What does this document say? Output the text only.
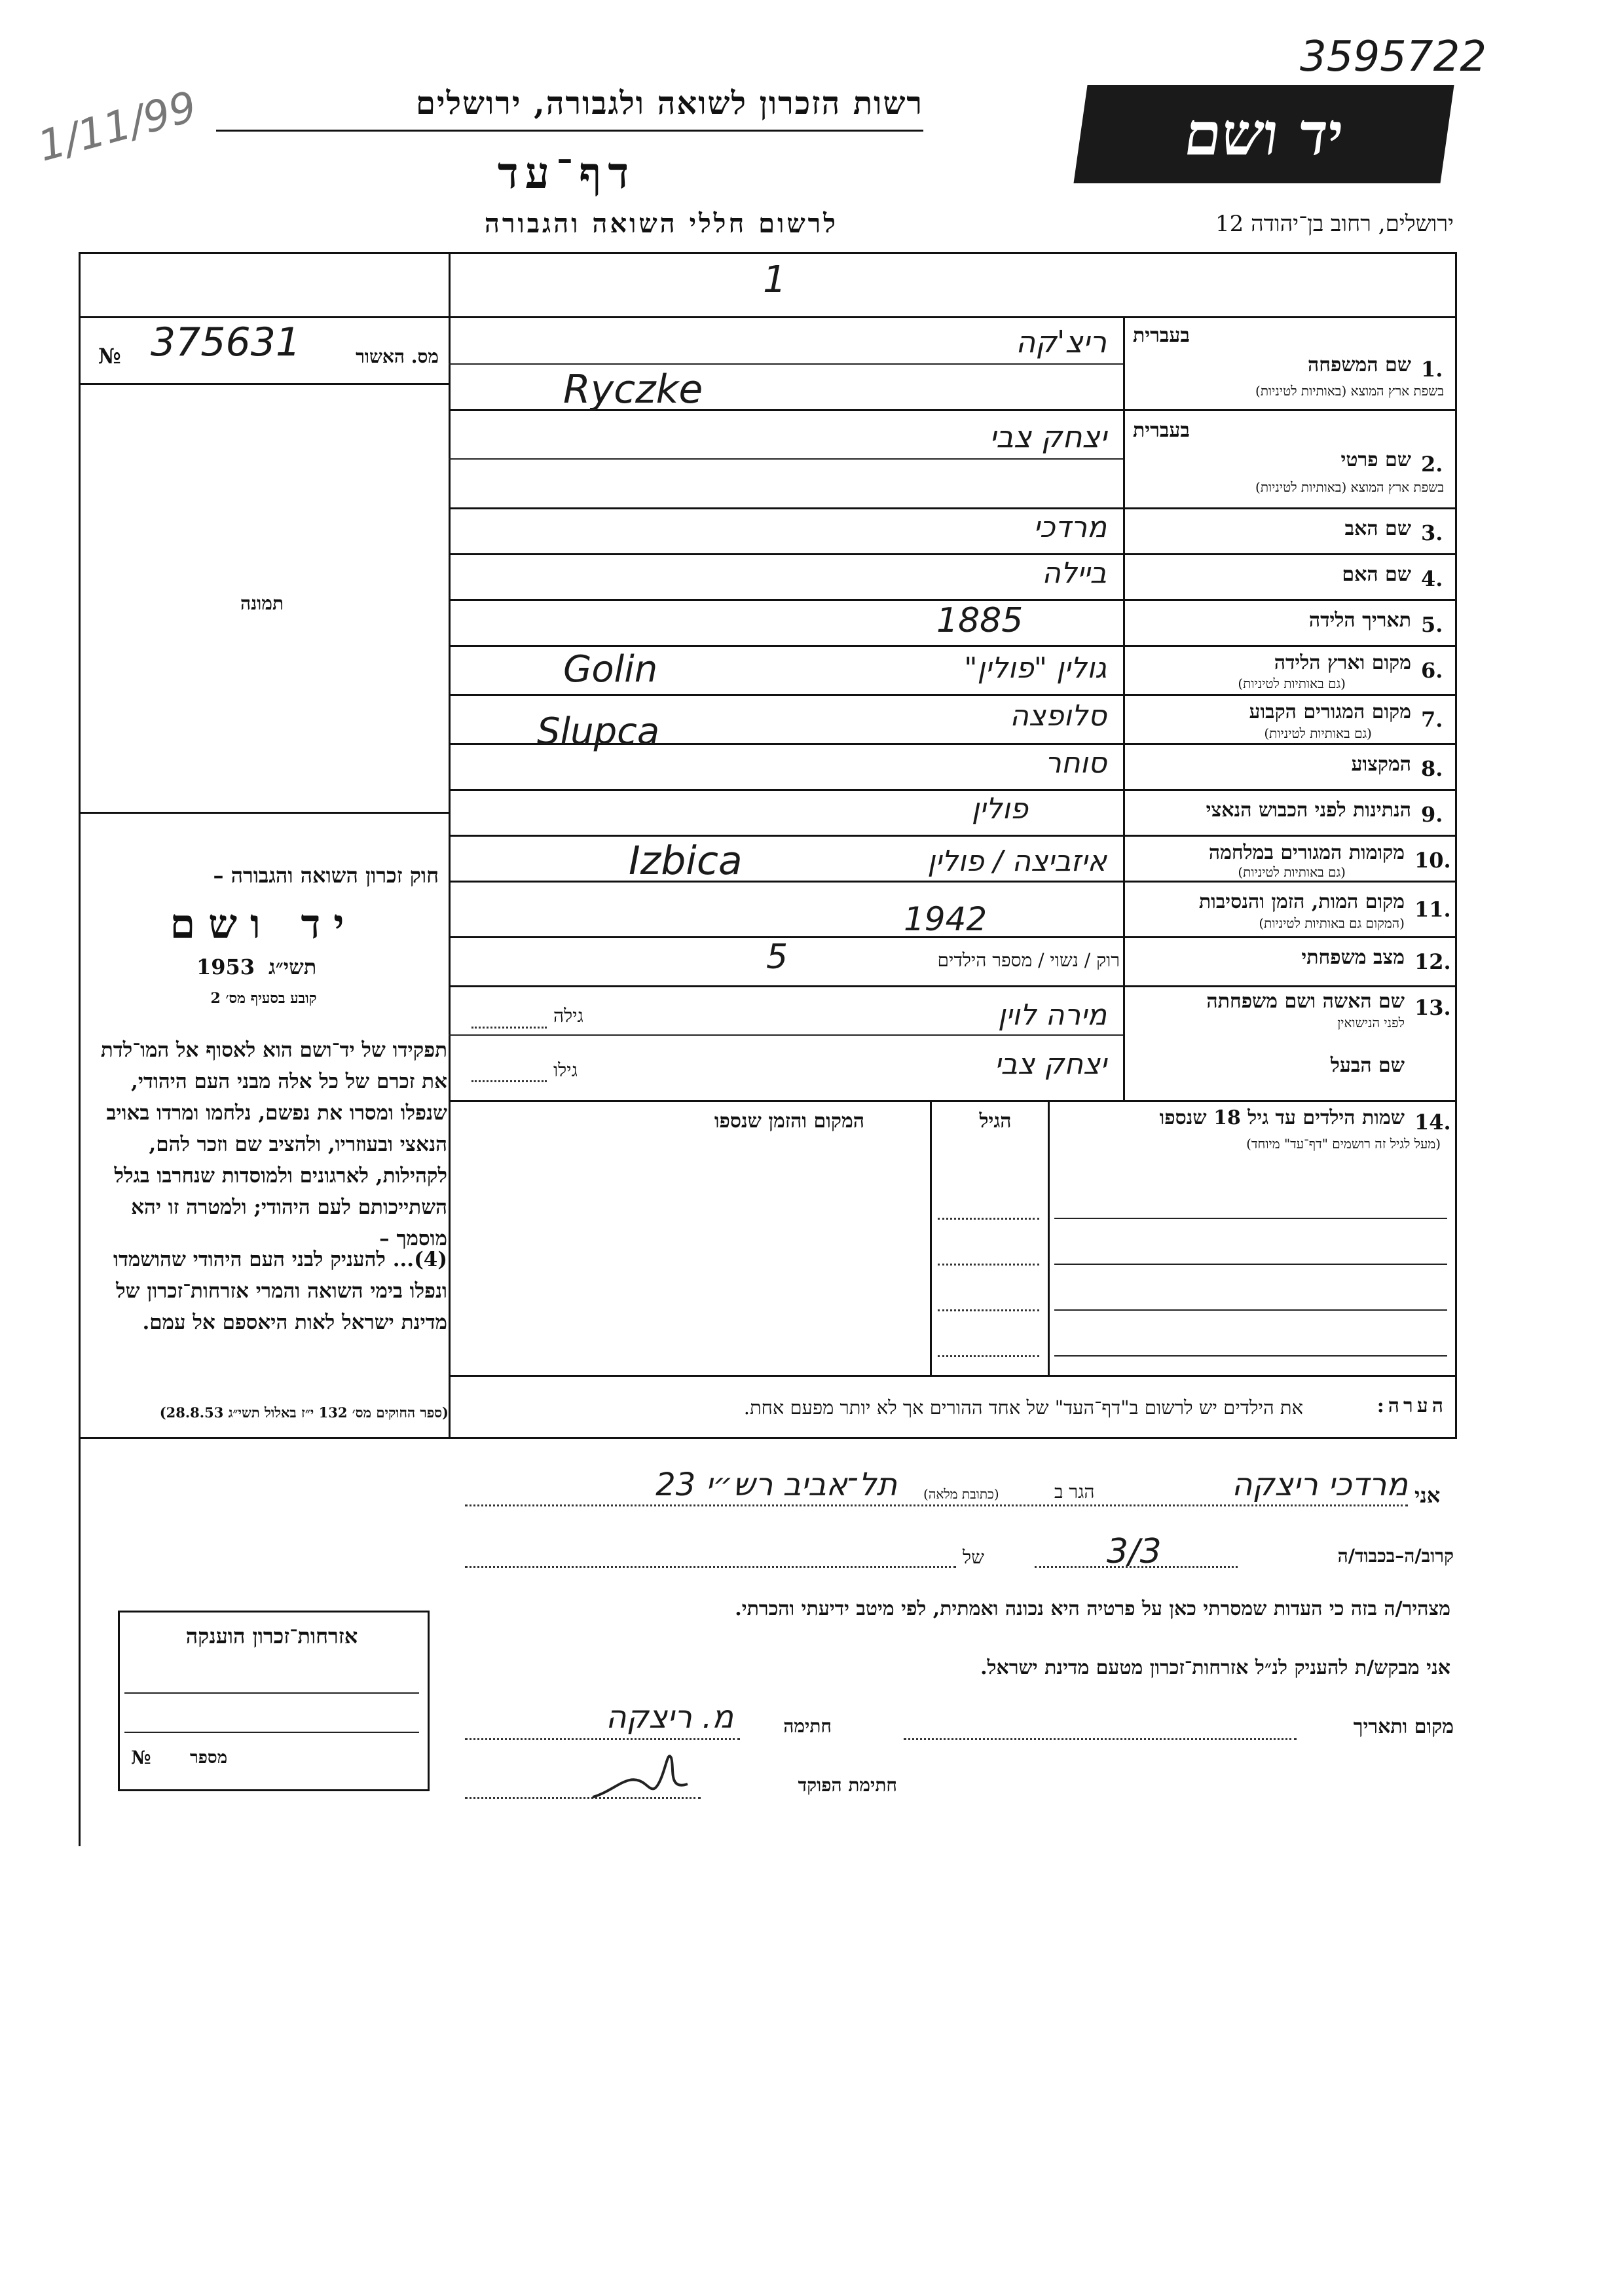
רשות הזכרון לשואה ולגבורה, ירושלים
דף־עד
לרשום חללי השואה והגבורה	ירושלים, רחוב בן־יהודה 12
יד ושם
3595722
1/11/99
1
№ 375631	מס. האשור
תמונה
חוק זכרון השואה והגבורה –
יד ושם
1953 תשי״ג
קובע בסעיף מס׳ 2
תפקידו של יד־ושם הוא לאסוף אל המו־לדת את זכרם של כל אלה מבני העם היהודי, שנפלו ומסרו את נפשם, נלחמו ומרדו באויב הנאצי ובעוזריו, ולהציב שם וזכר להם, לקהילות, לארגונים ולמוסדות שנחרבו בגלל השתייכותם לעם היהודי; ולמטרה זו יהא מוסמך –
(4)... להעניק לבני העם היהודי שהושמדו ונפלו בימי השואה והמרי אזרחות־זכרון של מדינת ישראל לאות היאספם אל עמם.
(ספר החוקים מס׳ 132 י״ז באלול תשי״ג 28.8.53)
בעברית
1.
שם המשפחה
בשפת ארץ המוצא (באותיות לטיניות)
בעברית
2.
שם פרטי
בשפת ארץ המוצא (באותיות לטיניות)
3.
שם האב
4.
שם האם
5.
תאריך הלידה
6.
מקום וארץ הלידה
(גם באותיות לטיניות)
7.
מקום המגורים הקבוע
(גם באותיות לטיניות)
8.
המקצוע
9.
הנתינות לפני הכבוש הנאצי
10.
מקומות המגורים במלחמה
(גם באותיות לטיניות)
11.
מקום המות, הזמן והנסיבות
(המקום גם באותיות לטיניות)
12.
מצב משפחתי
13.
שם האשה ושם משפחתה
לפני הנישואין
שם הבעל
ריצ'קה
Ryczke
יצחק צבי
מרדכי
ביילה
1885
גולין "פולין"
Golin
סלופצה
Slupca
סוחר
פולין
איזביצה / פולין
Izbica
1942
רוק / נשוי / מספר הילדים
5
מירה לוין
גילה
יצחק צבי
גילו
14.
שמות הילדים עד גיל 18 שנספו
(מעל לגיל זה רושמים "דף־עד" מיוחד)
הגיל
המקום והזמן שנספו
הערה:
את הילדים יש לרשום ב"דף־העד" של אחד ההורים אך לא יותר מפעם אחת.
אני
מרדכי ריצקה
הגר ב
(כתובת מלאה)
תל־אביב רש״י 23
קרוב/ה–בכבוד/ה
3/3
של
מצהיר/ה בזה כי העדות שמסרתי כאן על פרטיה היא נכונה ואמתית, לפי מיטב ידיעתי והכרתי.
אני מבקש/ת להעניק לנ״ל אזרחות־זכרון מטעם מדינת ישראל.
מקום ותאריך
חתימה
מ. ריצקה
חתימת הפוקד
אזרחות־זכרון הוענקה
מספר
№
